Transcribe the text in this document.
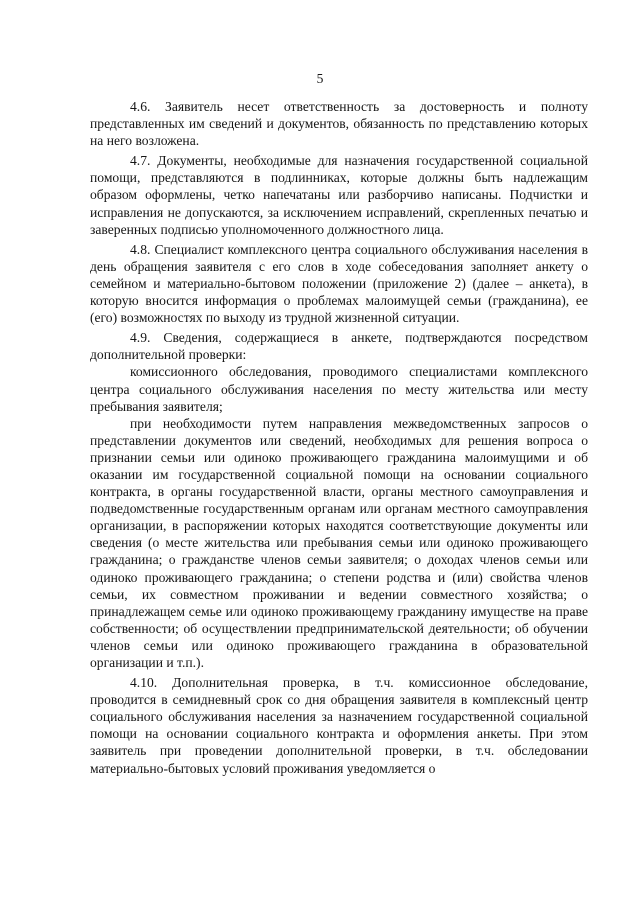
5

4.6. Заявитель несет ответственность за достоверность и полноту представленных им сведений и документов, обязанность по представлению которых на него возложена.

4.7. Документы, необходимые для назначения государственной социальной помощи, представляются в подлинниках, которые должны быть надлежащим образом оформлены, четко напечатаны или разборчиво написаны. Подчистки и исправления не допускаются, за исключением исправлений, скрепленных печатью и заверенных подписью уполномоченного должностного лица.

4.8. Специалист комплексного центра социального обслуживания населения в день обращения заявителя с его слов в ходе собеседования заполняет анкету о семейном и материально-бытовом положении (приложение 2) (далее – анкета), в которую вносится информация о проблемах малоимущей семьи (гражданина), ее (его) возможностях по выходу из трудной жизненной ситуации.

4.9. Сведения, содержащиеся в анкете, подтверждаются посредством дополнительной проверки:

комиссионного обследования, проводимого специалистами комплексного центра социального обслуживания населения по месту жительства или месту пребывания заявителя;

при необходимости путем направления межведомственных запросов о представлении документов или сведений, необходимых для решения вопроса о признании семьи или одиноко проживающего гражданина малоимущими и об оказании им государственной социальной помощи на основании социального контракта, в органы государственной власти, органы местного самоуправления и подведомственные государственным органам или органам местного самоуправления организации, в распоряжении которых находятся соответствующие документы или сведения (о месте жительства или пребывания семьи или одиноко проживающего гражданина; о гражданстве членов семьи заявителя; о доходах членов семьи или одиноко проживающего гражданина; о степени родства и (или) свойства членов семьи, их совместном проживании и ведении совместного хозяйства; о принадлежащем семье или одиноко проживающему гражданину имуществе на праве собственности; об осуществлении предпринимательской деятельности; об обучении членов семьи или одиноко проживающего гражданина в образовательной организации и т.п.).

4.10. Дополнительная проверка, в т.ч. комиссионное обследование, проводится в семидневный срок со дня обращения заявителя в комплексный центр социального обслуживания населения за назначением государственной социальной помощи на основании социального контракта и оформления анкеты. При этом заявитель при проведении дополнительной проверки, в т.ч. обследовании материально-бытовых условий проживания уведомляется о
